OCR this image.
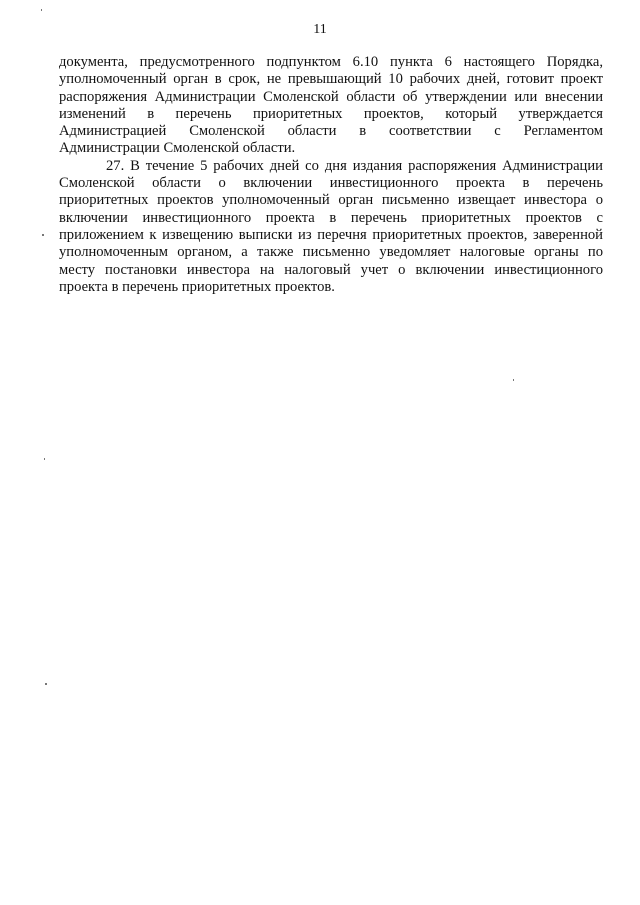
11

документа, предусмотренного подпунктом 6.10 пункта 6 настоящего Порядка,
уполномоченный орган в срок, не превышающий 10 рабочих дней, готовит проект
распоряжения Администрации Смоленской области об утверждении или внесении
изменений в перечень приоритетных проектов, который утверждается
Администрацией Смоленской области в соответствии с Регламентом
Администрации Смоленской области.

27. В течение 5 рабочих дней со дня издания распоряжения Администрации
Смоленской области о включении инвестиционного проекта в перечень
приоритетных проектов уполномоченный орган письменно извещает инвестора о
включении инвестиционного проекта в перечень приоритетных проектов с
приложением к извещению выписки из перечня приоритетных проектов, заверенной
уполномоченным органом, а также письменно уведомляет налоговые органы по
месту постановки инвестора на налоговый учет о включении инвестиционного
проекта в перечень приоритетных проектов.
